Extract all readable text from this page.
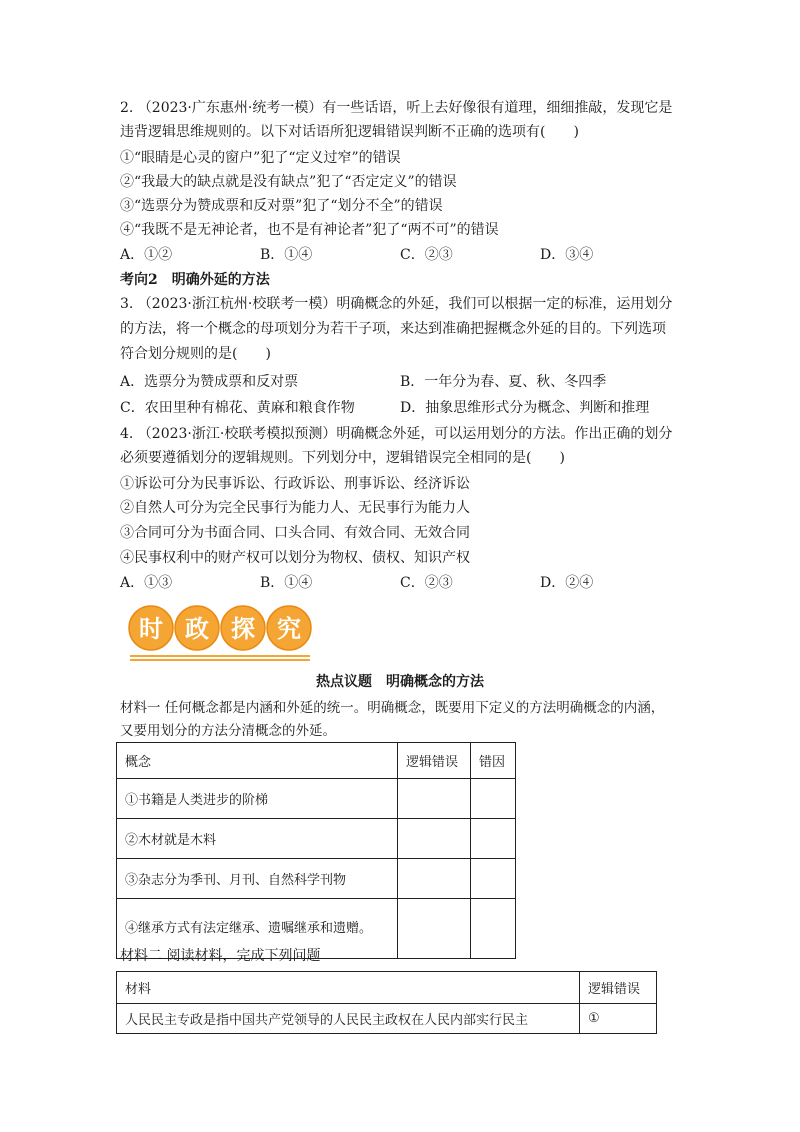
2. （2023·广东惠州·统考一模）有一些话语，听上去好像很有道理，细细推敲，发现它是
违背逻辑思维规则的。以下对话语所犯逻辑错误判断不正确的选项有(　　)
①“眼睛是心灵的窗户”犯了“定义过窄”的错误
②“我最大的缺点就是没有缺点”犯了“否定定义”的错误
③“选票分为赞成票和反对票”犯了“划分不全”的错误
④“我既不是无神论者，也不是有神论者”犯了“两不可”的错误
A．①②	B．①④	C．②③	D．③④
考向2　明确外延的方法
3. （2023·浙江杭州·校联考一模）明确概念的外延，我们可以根据一定的标准，运用划分
的方法，将一个概念的母项划分为若干子项，来达到准确把握概念外延的目的。下列选项
符合划分规则的是(　　)
A．选票分为赞成票和反对票	B．一年分为春、夏、秋、冬四季
C．农田里种有棉花、黄麻和粮食作物	D．抽象思维形式分为概念、判断和推理
4. （2023·浙江·校联考模拟预测）明确概念外延，可以运用划分的方法。作出正确的划分
必须要遵循划分的逻辑规则。下列划分中，逻辑错误完全相同的是(　　)
①诉讼可分为民事诉讼、行政诉讼、刑事诉讼、经济诉讼
②自然人可分为完全民事行为能力人、无民事行为能力人
③合同可分为书面合同、口头合同、有效合同、无效合同
④民事权利中的财产权可以划分为物权、债权、知识产权
A．①③	B．①④	C．②③	D．②④
时 政 探 究
热点议题　明确概念的方法
材料一 任何概念都是内涵和外延的统一。明确概念，既要用下定义的方法明确概念的内涵，
又要用划分的方法分清概念的外延。
概念	逻辑错误	错因
①书籍是人类进步的阶梯		
②木材就是木料		
③杂志分为季刊、月刊、自然科学刊物		
④继承方式有法定继承、遗嘱继承和遗赠。		
材料二 阅读材料，完成下列问题
材料	逻辑错误
人民民主专政是指中国共产党领导的人民民主政权在人民内部实行民主	①
